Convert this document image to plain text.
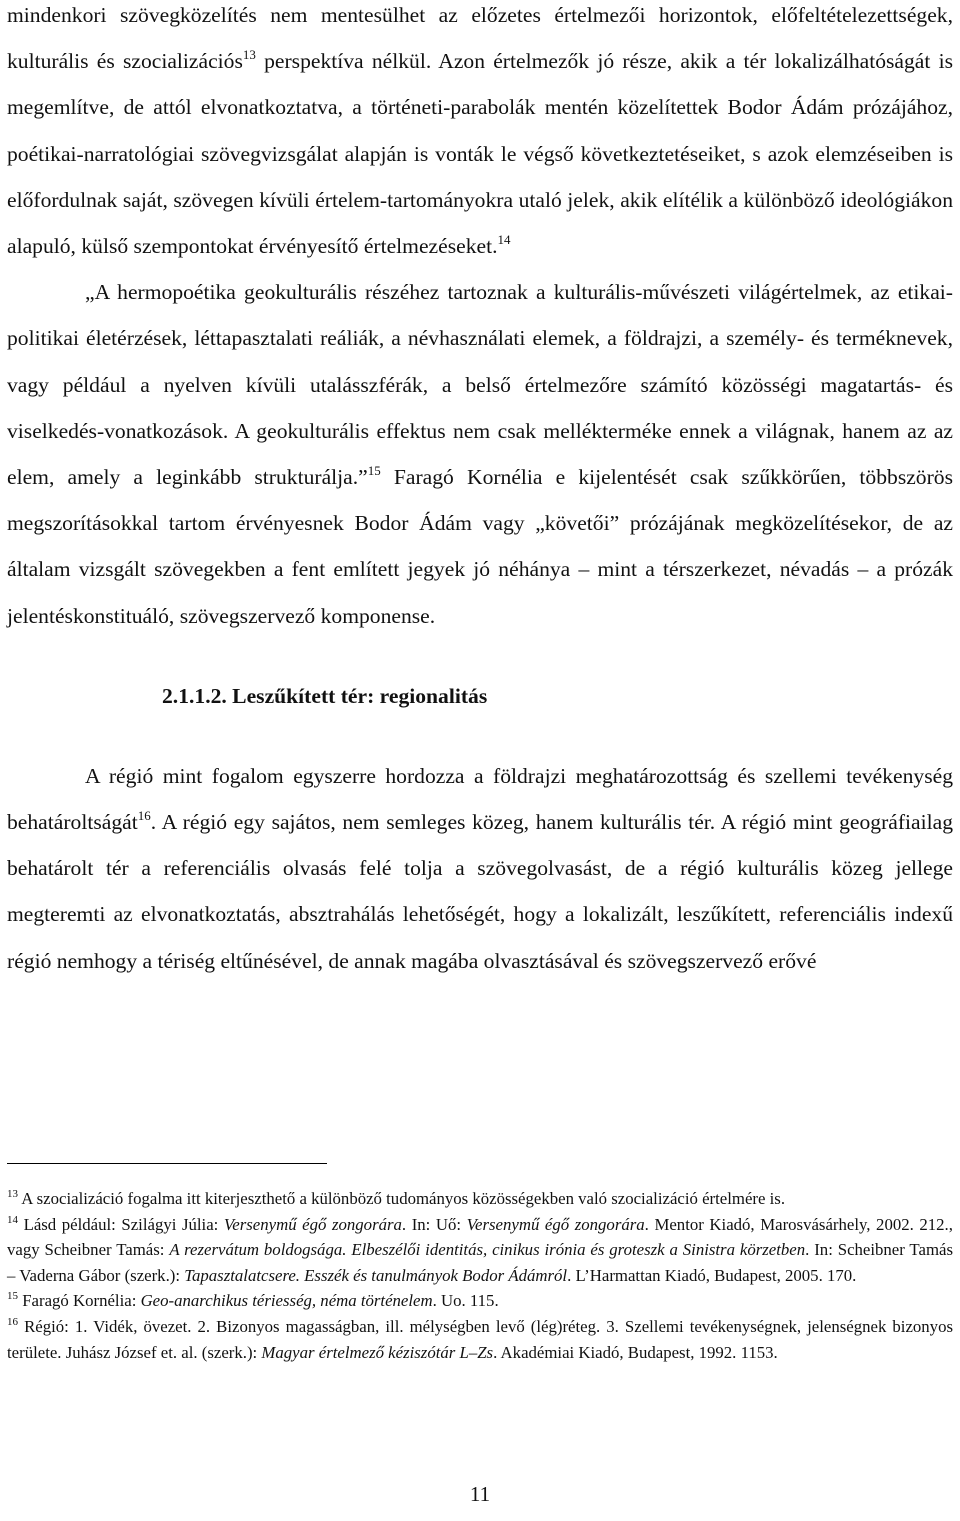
mindenkori szövegközelítés nem mentesülhet az előzetes értelmezői horizontok, előfeltételezettségek, kulturális és szocializációs$^{13}$ perspektíva nélkül. Azon értelmezők jó része, akik a tér lokalizálhatóságát is megemlítve, de attól elvonatkoztatva, a történeti-parabolák mentén közelítettek Bodor Ádám prózájához, poétikai-narratológiai szövegvizsgálat alapján is vonták le végső következtetéseiket, s azok elemzéseiben is előfordulnak saját, szövegen kívüli értelem-tartományokra utaló jelek, akik elítélik a különböző ideológiákon alapuló, külső szempontokat érvényesítő értelmezéseket.$^{14}$

„A hermopoétika geokulturális részéhez tartoznak a kulturális-művészeti világértelmek, az etikai-politikai életérzések, léttapasztalati reáliák, a névhasználati elemek, a földrajzi, a személy- és terméknevek, vagy például a nyelven kívüli utalásszférák, a belső értelmezőre számító közösségi magatartás- és viselkedés-vonatkozások. A geokulturális effektus nem csak mellékterméke ennek a világnak, hanem az az elem, amely a leginkább strukturálja.”$^{15}$ Faragó Kornélia e kijelentését csak szűkkörűen, többszörös megszorításokkal tartom érvényesnek Bodor Ádám vagy „követői” prózájának megközelítésekor, de az általam vizsgált szövegekben a fent említett jegyek jó néhánya – mint a térszerkezet, névadás – a prózák jelentéskonstituáló, szövegszervező komponense.

2.1.1.2. Leszűkített tér: regionalitás

A régió mint fogalom egyszerre hordozza a földrajzi meghatározottság és szellemi tevékenység behatároltságát$^{16}$. A régió egy sajátos, nem semleges közeg, hanem kulturális tér. A régió mint geográfiailag behatárolt tér a referenciális olvasás felé tolja a szövegolvasást, de a régió kulturális közeg jellege megteremti az elvonatkoztatás, absztrahálás lehetőségét, hogy a lokalizált, leszűkített, referenciális indexű régió nemhogy a tériség eltűnésével, de annak magába olvasztásával és szövegszervező erővé

$^{13}$ A szocializáció fogalma itt kiterjeszthető a különböző tudományos közösségekben való szocializáció értelmére is.

$^{14}$ Lásd például: Szilágyi Júlia: Versenymű égő zongorára. In: Uő: Versenymű égő zongorára. Mentor Kiadó, Marosvásárhely, 2002. 212., vagy Scheibner Tamás: A rezervátum boldogsága. Elbeszélői identitás, cinikus irónia és groteszk a Sinistra körzetben. In: Scheibner Tamás – Vaderna Gábor (szerk.): Tapasztalatcsere. Esszék és tanulmányok Bodor Ádámról. L’Harmattan Kiadó, Budapest, 2005. 170.

$^{15}$ Faragó Kornélia: Geo-anarchikus tériesség, néma történelem. Uo. 115.

$^{16}$ Régió: 1. Vidék, övezet. 2. Bizonyos magasságban, ill. mélységben levő (lég)réteg. 3. Szellemi tevékenységnek, jelenségnek bizonyos területe. Juhász József et. al. (szerk.): Magyar értelmező kéziszótár L–Zs. Akadémiai Kiadó, Budapest, 1992. 1153.

11
